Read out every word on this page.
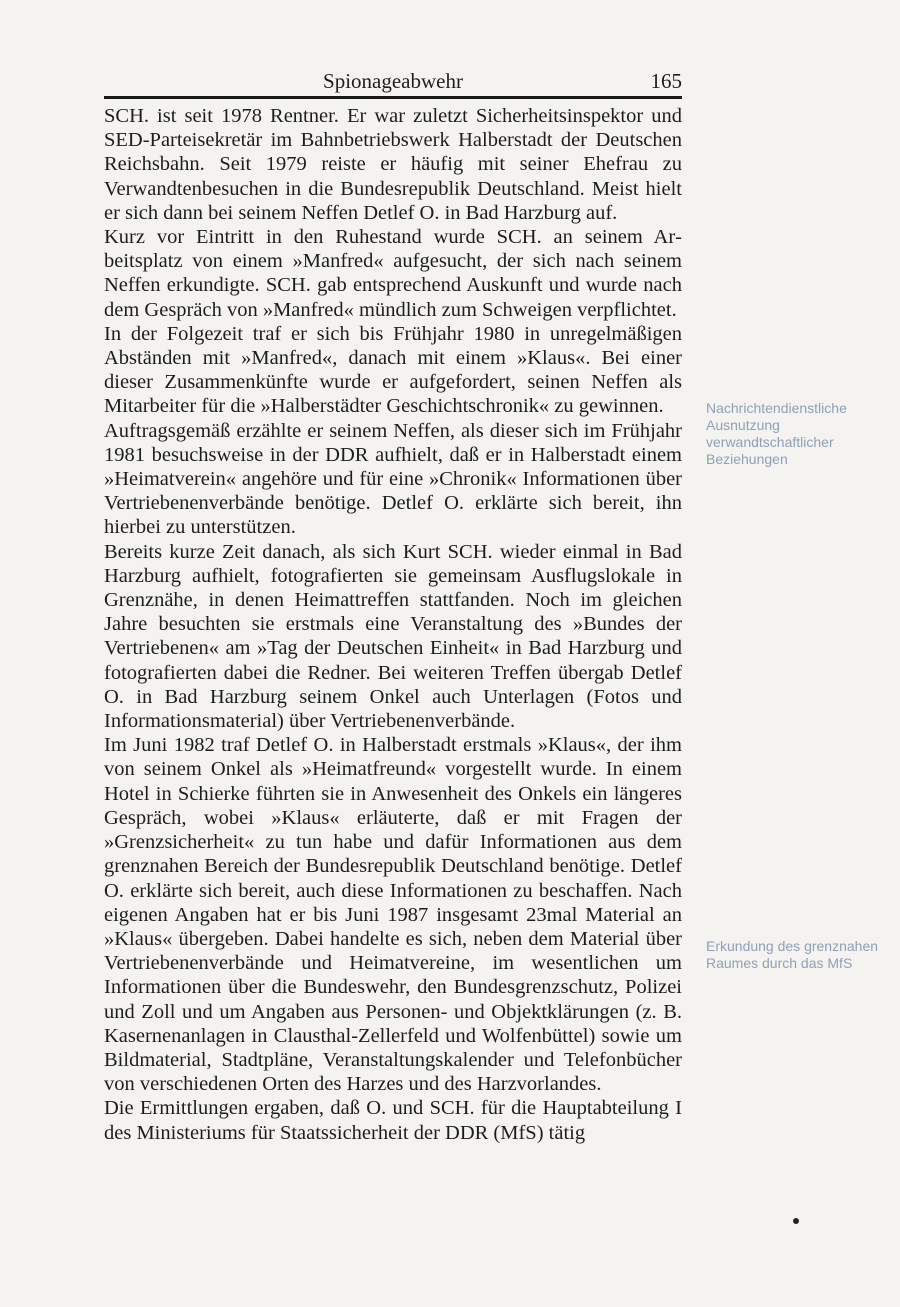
Spionageabwehr	165

SCH. ist seit 1978 Rentner. Er war zuletzt Sicherheitsinspektor und SED-Parteisekretär im Bahnbetriebswerk Halberstadt der Deutschen Reichsbahn. Seit 1979 reiste er häufig mit seiner Ehefrau zu Verwandtenbesuchen in die Bundesrepublik Deutschland. Meist hielt er sich dann bei seinem Neffen Detlef O. in Bad Harzburg auf.

Kurz vor Eintritt in den Ruhestand wurde SCH. an seinem Arbeitsplatz von einem »Manfred« aufgesucht, der sich nach seinem Neffen erkundigte. SCH. gab entsprechend Auskunft und wurde nach dem Gespräch von »Manfred« mündlich zum Schweigen verpflichtet.

In der Folgezeit traf er sich bis Frühjahr 1980 in unregelmäßigen Abständen mit »Manfred«, danach mit einem »Klaus«. Bei einer dieser Zusammenkünfte wurde er aufgefordert, seinen Neffen als Mitarbeiter für die »Halberstädter Geschichtschronik« zu gewinnen.

Auftragsgemäß erzählte er seinem Neffen, als dieser sich im Frühjahr 1981 besuchsweise in der DDR aufhielt, daß er in Halberstadt einem »Heimatverein« angehöre und für eine »Chronik« Informationen über Vertriebenenverbände benötige. Detlef O. erklärte sich bereit, ihn hierbei zu unterstützen.

Bereits kurze Zeit danach, als sich Kurt SCH. wieder einmal in Bad Harzburg aufhielt, fotografierten sie gemeinsam Ausflugslokale in Grenznähe, in denen Heimattreffen stattfanden. Noch im gleichen Jahre besuchten sie erstmals eine Veranstaltung des »Bundes der Vertriebenen« am »Tag der Deutschen Einheit« in Bad Harzburg und fotografierten dabei die Redner. Bei weiteren Treffen übergab Detlef O. in Bad Harzburg seinem Onkel auch Unterlagen (Fotos und Informationsmaterial) über Vertriebenenverbände.

Im Juni 1982 traf Detlef O. in Halberstadt erstmals »Klaus«, der ihm von seinem Onkel als »Heimatfreund« vorgestellt wurde. In einem Hotel in Schierke führten sie in Anwesenheit des Onkels ein längeres Gespräch, wobei »Klaus« erläuterte, daß er mit Fragen der »Grenzsicherheit« zu tun habe und dafür Informationen aus dem grenznahen Bereich der Bundesrepublik Deutschland benötige. Detlef O. erklärte sich bereit, auch diese Informationen zu beschaffen. Nach eigenen Angaben hat er bis Juni 1987 insgesamt 23mal Material an »Klaus« übergeben. Dabei handelte es sich, neben dem Material über Vertriebenenverbände und Heimatvereine, im wesentlichen um Informationen über die Bundeswehr, den Bundesgrenzschutz, Polizei und Zoll und um Angaben aus Personen- und Objektklärungen (z. B. Kasernenanlagen in Clausthal-Zellerfeld und Wolfenbüttel) sowie um Bildmaterial, Stadtpläne, Veranstaltungskalender und Telefonbücher von verschiedenen Orten des Harzes und des Harzvorlandes.

Die Ermittlungen ergaben, daß O. und SCH. für die Hauptabteilung I des Ministeriums für Staatssicherheit der DDR (MfS) tätig

Nachrichtendienstliche Ausnutzung verwandtschaftlicher Beziehungen
Erkundung des grenznahen Raumes durch das MfS
